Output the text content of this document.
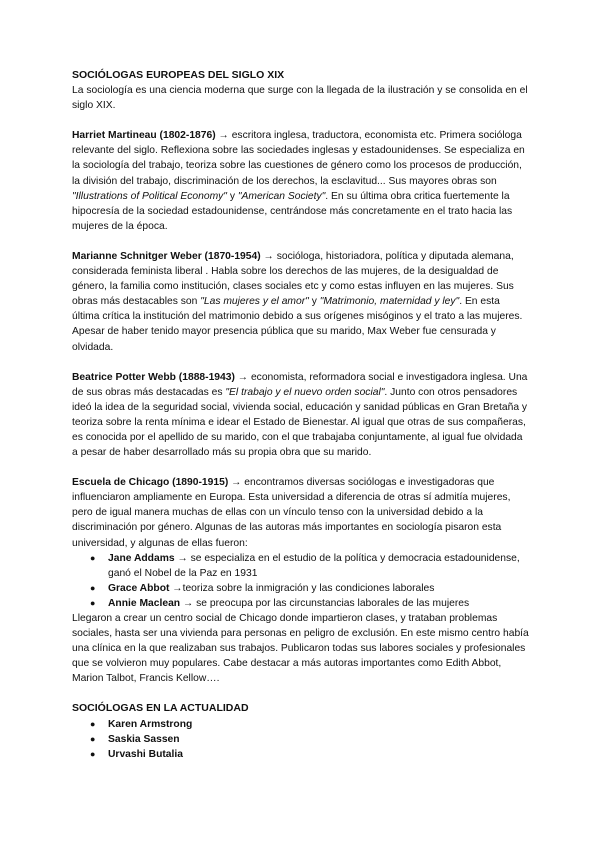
SOCIÓLOGAS EUROPEAS DEL SIGLO XIX

La sociología es una ciencia moderna que surge con la llegada de la ilustración y se consolida en el siglo XIX.

Harriet Martineau (1802-1876) → escritora inglesa, traductora, economista etc. Primera socióloga relevante del siglo. Reflexiona sobre las sociedades inglesas y estadounidenses. Se especializa en la sociología del trabajo, teoriza sobre las cuestiones de género como los procesos de producción, la división del trabajo, discriminación de los derechos, la esclavitud... Sus mayores obras son "Illustrations of Political Economy" y "American Society". En su última obra critica fuertemente la hipocresía de la sociedad estadounidense, centrándose más concretamente en el trato hacia las mujeres de la época.

Marianne Schnitger Weber (1870-1954) → socióloga, historiadora, política y diputada alemana, considerada feminista liberal . Habla sobre los derechos de las mujeres, de la desigualdad de género, la familia como institución, clases sociales etc y como estas influyen en las mujeres. Sus obras más destacables son "Las mujeres y el amor" y "Matrimonio, maternidad y ley". En esta última crítica la institución del matrimonio debido a sus orígenes misóginos y el trato a las mujeres. Apesar de haber tenido mayor presencia pública que su marido, Max Weber fue censurada y olvidada.

Beatrice Potter Webb (1888-1943) → economista, reformadora social e investigadora inglesa. Una de sus obras más destacadas es "El trabajo y el nuevo orden social". Junto con otros pensadores ideó la idea de la seguridad social, vivienda social, educación y sanidad públicas en Gran Bretaña y teoriza sobre la renta mínima e idear el Estado de Bienestar. Al igual que otras de sus compañeras, es conocida por el apellido de su marido, con el que trabajaba conjuntamente, al igual fue olvidada a pesar de haber desarrollado más su propia obra que su marido.

Escuela de Chicago (1890-1915) → encontramos diversas sociólogas e investigadoras que influenciaron ampliamente en Europa. Esta universidad a diferencia de otras sí admitía mujeres, pero de igual manera muchas de ellas con un vínculo tenso con la universidad debido a la discriminación por género. Algunas de las autoras más importantes en sociología pisaron esta universidad, y algunas de ellas fueron:

● Jane Addams → se especializa en el estudio de la política y democracia estadounidense, ganó el Nobel de la Paz en 1931
● Grace Abbot →teoriza sobre la inmigración y las condiciones laborales
● Annie Maclean → se preocupa por las circunstancias laborales de las mujeres

Llegaron a crear un centro social de Chicago donde impartieron clases, y trataban problemas sociales, hasta ser una vivienda para personas en peligro de exclusión. En este mismo centro había una clínica en la que realizaban sus trabajos. Publicaron todas sus labores sociales y profesionales que se volvieron muy populares. Cabe destacar a más autoras importantes como Edith Abbot, Marion Talbot, Francis Kellow….

SOCIÓLOGAS EN LA ACTUALIDAD
● Karen Armstrong
● Saskia Sassen
● Urvashi Butalia
